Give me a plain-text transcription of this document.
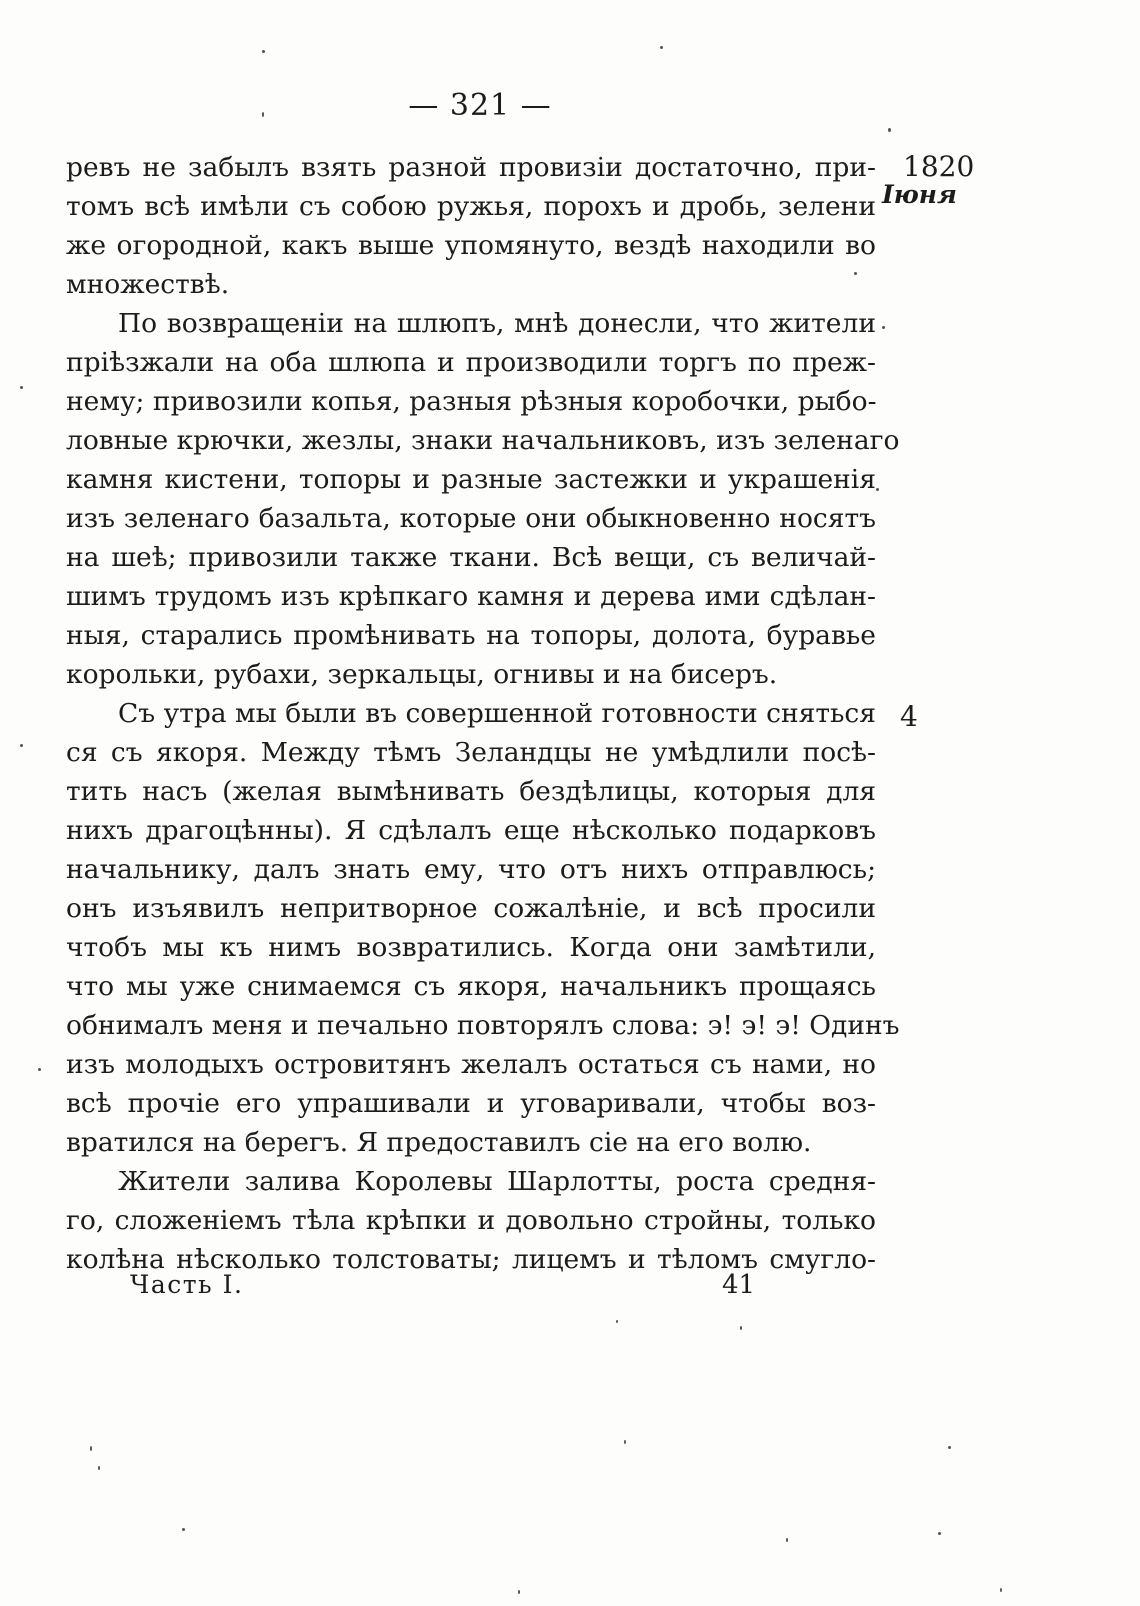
— 321 —
1820
Іюня
4
ревъ не забылъ взять разной провизіи достаточно, при-
томъ всѣ имѣли съ собою ружья, порохъ и дробь, зелени
же огородной, какъ выше упомянуто, вездѣ находили во
множествѣ.
По возвращеніи на шлюпъ, мнѣ донесли, что жители
пріѣзжали на оба шлюпа и производили торгъ по преж-
нему; привозили копья, разныя рѣзныя коробочки, рыбо-
ловные крючки, жезлы, знаки начальниковъ, изъ зеленаго
камня кистени, топоры и разные застежки и украшенія
изъ зеленаго базальта, которые они обыкновенно носятъ
на шеѣ; привозили также ткани. Всѣ вещи, съ величай-
шимъ трудомъ изъ крѣпкаго камня и дерева ими сдѣлан-
ныя, старались промѣнивать на топоры, долота, буравье
корольки, рубахи, зеркальцы, огнивы и на бисеръ.
Съ утра мы были въ совершенной готовности сняться
ся съ якоря. Между тѣмъ Зеландцы не умѣдлили посѣ-
тить насъ (желая вымѣнивать бездѣлицы, которыя для
нихъ драгоцѣнны). Я сдѣлалъ еще нѣсколько подарковъ
начальнику, далъ знать ему, что отъ нихъ отправлюсь;
онъ изъявилъ непритворное сожалѣніе, и всѣ просили
чтобъ мы къ нимъ возвратились. Когда они замѣтили,
что мы уже снимаемся съ якоря, начальникъ прощаясь
обнималъ меня и печально повторялъ слова: э! э! э! Одинъ
изъ молодыхъ островитянъ желалъ остаться съ нами, но
всѣ прочіе его упрашивали и уговаривали, чтобы воз-
вратился на берегъ. Я предоставилъ сіе на его волю.
Жители залива Королевы Шарлотты, роста средня-
го, сложеніемъ тѣла крѣпки и довольно стройны, только
колѣна нѣсколько толстоваты; лицемъ и тѣломъ смугло-
Часть I.	41
